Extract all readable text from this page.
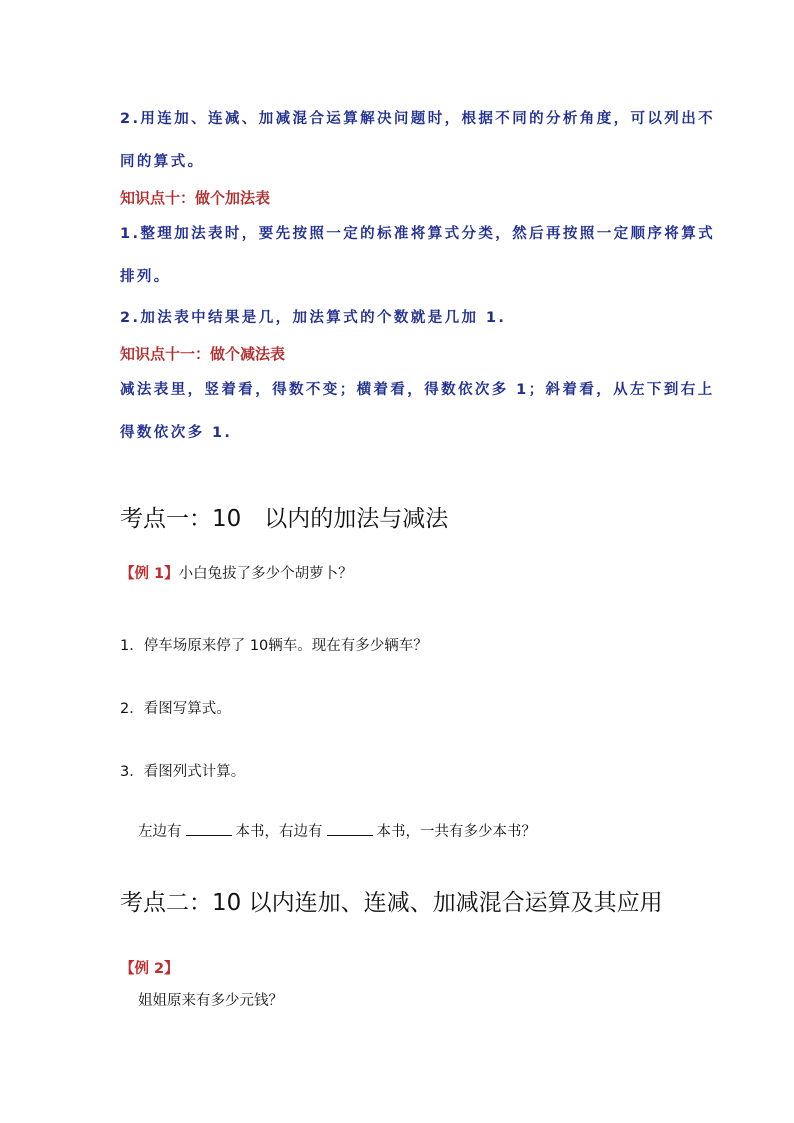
2.用连加、连减、加减混合运算解决问题时，根据不同的分析角度，可以列出不
同的算式。
知识点十：做个加法表
1.整理加法表时，要先按照一定的标准将算式分类，然后再按照一定顺序将算式
排列。
2.加法表中结果是几，加法算式的个数就是几加 1.
知识点十一：做个减法表
减法表里，竖着看，得数不变；横着看，得数依次多 1；斜着看，从左下到右上
得数依次多 1.
考点一：10　以内的加法与减法
【例 1】小白兔拔了多少个胡萝卜？
1．停车场原来停了 10辆车。现在有多少辆车？
2．看图写算式。
3．看图列式计算。
左边有	本书，右边有	本书，一共有多少本书？
考点二：10 以内连加、连减、加减混合运算及其应用
【例 2】
姐姐原来有多少元钱？
